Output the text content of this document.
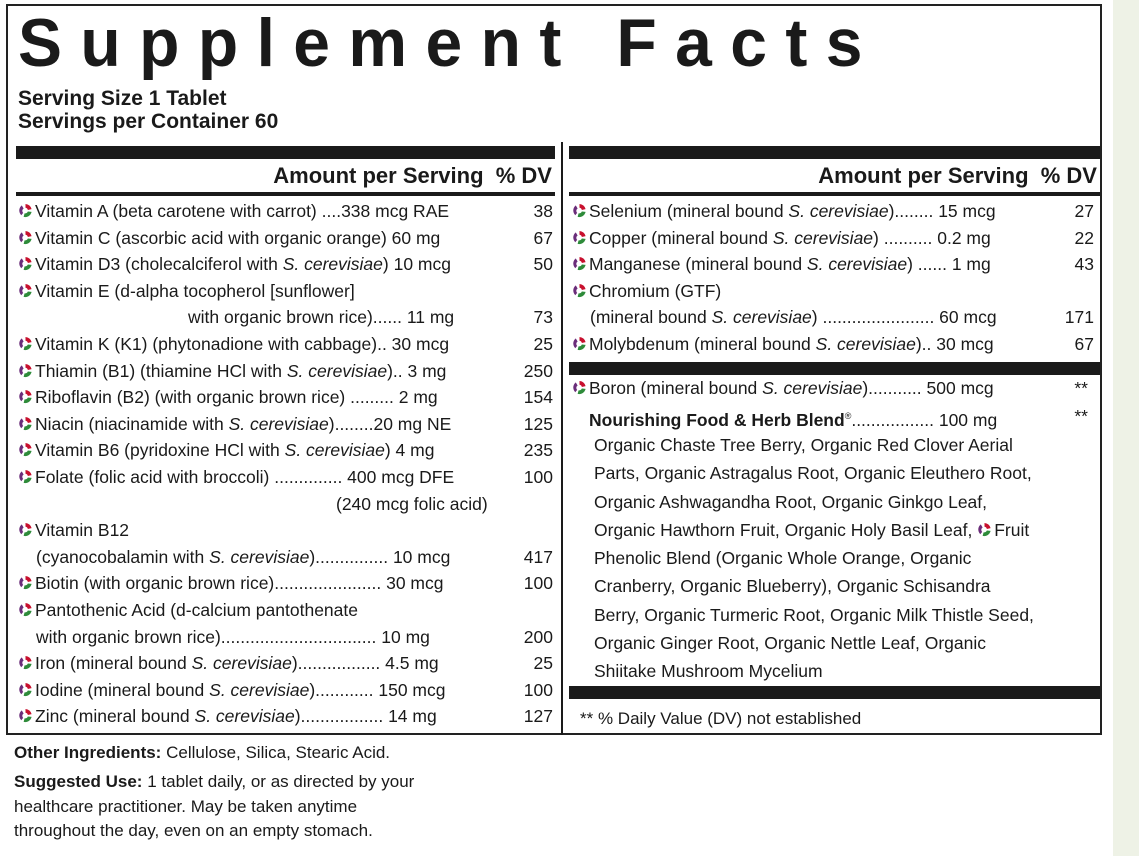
Supplement Facts
Serving Size 1 Tablet
Servings per Container 60
Amount per Serving % DV	Amount per Serving % DV
Vitamin A (beta carotene with carrot) ....338 mcg RAE	38
Vitamin C (ascorbic acid with organic orange) 60 mg	67
Vitamin D3 (cholecalciferol with S. cerevisiae) 10 mcg	50
Vitamin E (d-alpha tocopherol [sunflower]
with organic brown rice)...... 11 mg	73
Vitamin K (K1) (phytonadione with cabbage).. 30 mcg	25
Thiamin (B1) (thiamine HCl with S. cerevisiae).. 3 mg	250
Riboflavin (B2) (with organic brown rice) ......... 2 mg	154
Niacin (niacinamide with S. cerevisiae)........20 mg NE	125
Vitamin B6 (pyridoxine HCl with S. cerevisiae) 4 mg	235
Folate (folic acid with broccoli) .............. 400 mcg DFE	100
(240 mcg folic acid)
Vitamin B12
(cyanocobalamin with S. cerevisiae)............... 10 mcg	417
Biotin (with organic brown rice)...................... 30 mcg	100
Pantothenic Acid (d-calcium pantothenate
with organic brown rice)................................ 10 mg	200
Iron (mineral bound S. cerevisiae)................. 4.5 mg	25
Iodine (mineral bound S. cerevisiae)............ 150 mcg	100
Zinc (mineral bound S. cerevisiae)................. 14 mg	127
Selenium (mineral bound S. cerevisiae)........ 15 mcg	27
Copper (mineral bound S. cerevisiae) .......... 0.2 mg	22
Manganese (mineral bound S. cerevisiae) ...... 1 mg	43
Chromium (GTF)
(mineral bound S. cerevisiae) ....................... 60 mcg	171
Molybdenum (mineral bound S. cerevisiae).. 30 mcg	67
Boron (mineral bound S. cerevisiae)........... 500 mcg	**
Nourishing Food & Herb Blend®................. 100 mg	**
Organic Chaste Tree Berry, Organic Red Clover Aerial
Parts, Organic Astragalus Root, Organic Eleuthero Root,
Organic Ashwagandha Root, Organic Ginkgo Leaf,
Organic Hawthorn Fruit, Organic Holy Basil Leaf, Fruit
Phenolic Blend (Organic Whole Orange, Organic
Cranberry, Organic Blueberry), Organic Schisandra
Berry, Organic Turmeric Root, Organic Milk Thistle Seed,
Organic Ginger Root, Organic Nettle Leaf, Organic
Shiitake Mushroom Mycelium
** % Daily Value (DV) not established
Other Ingredients: Cellulose, Silica, Stearic Acid.
Suggested Use: 1 tablet daily, or as directed by your
healthcare practitioner. May be taken anytime
throughout the day, even on an empty stomach.
